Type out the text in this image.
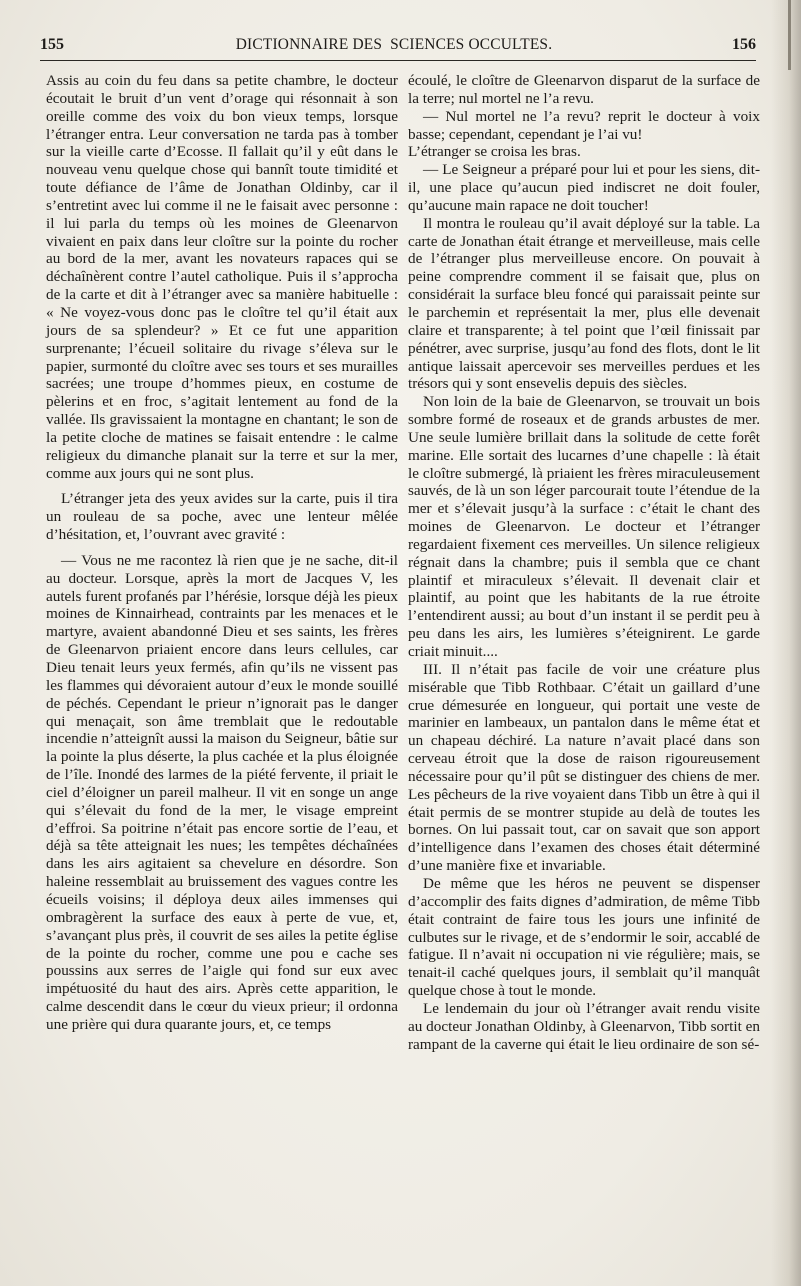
155	DICTIONNAIRE DES SCIENCES OCCULTES.	156

Assis au coin du feu dans sa petite chambre, le docteur écoutait le bruit d’un vent d’orage qui résonnait à son oreille comme des voix du bon vieux temps, lorsque l’étranger entra. Leur conversation ne tarda pas à tomber sur la vieille carte d’Ecosse. Il fallait qu’il y eût dans le nouveau venu quelque chose qui bannît toute timidité et toute défiance de l’âme de Jonathan Oldinby, car il s’entretint avec lui comme il ne le faisait avec personne : il lui parla du temps où les moines de Gleenarvon vivaient en paix dans leur cloître sur la pointe du rocher au bord de la mer, avant les novateurs rapaces qui se déchaînèrent contre l’autel catholique. Puis il s’approcha de la carte et dit à l’étranger avec sa manière habituelle : « Ne voyez-vous donc pas le cloître tel qu’il était aux jours de sa splendeur? » Et ce fut une apparition surprenante; l’écueil solitaire du rivage s’éleva sur le papier, surmonté du cloître avec ses tours et ses murailles sacrées; une troupe d’hommes pieux, en costume de pèlerins et en froc, s’agitait lentement au fond de la vallée. Ils gravissaient la montagne en chantant; le son de la petite cloche de matines se faisait entendre : le calme religieux du dimanche planait sur la terre et sur la mer, comme aux jours qui ne sont plus.

L’étranger jeta des yeux avides sur la carte, puis il tira un rouleau de sa poche, avec une lenteur mêlée d’hésitation, et, l’ouvrant avec gravité :

— Vous ne me racontez là rien que je ne sache, dit-il au docteur. Lorsque, après la mort de Jacques V, les autels furent profanés par l’hérésie, lorsque déjà les pieux moines de Kinnairhead, contraints par les menaces et le martyre, avaient abandonné Dieu et ses saints, les frères de Gleenarvon priaient encore dans leurs cellules, car Dieu tenait leurs yeux fermés, afin qu’ils ne vissent pas les flammes qui dévoraient autour d’eux le monde souillé de péchés. Cependant le prieur n’ignorait pas le danger qui menaçait, son âme tremblait que le redoutable incendie n’atteignît aussi la maison du Seigneur, bâtie sur la pointe la plus déserte, la plus cachée et la plus éloignée de l’île. Inondé des larmes de la piété fervente, il priait le ciel d’éloigner un pareil malheur. Il vit en songe un ange qui s’élevait du fond de la mer, le visage empreint d’effroi. Sa poitrine n’était pas encore sortie de l’eau, et déjà sa tête atteignait les nues; les tempêtes déchaînées dans les airs agitaient sa chevelure en désordre. Son haleine ressemblait au bruissement des vagues contre les écueils voisins; il déploya deux ailes immenses qui ombragèrent la surface des eaux à perte de vue, et, s’avançant plus près, il couvrit de ses ailes la petite église de la pointe du rocher, comme une pou e cache ses poussins aux serres de l’aigle qui fond sur eux avec impétuosité du haut des airs. Après cette apparition, le calme descendit dans le cœur du vieux prieur; il ordonna une prière qui dura quarante jours, et, ce temps

écoulé, le cloître de Gleenarvon disparut de la surface de la terre; nul mortel ne l’a revu.

— Nul mortel ne l’a revu? reprit le docteur à voix basse; cependant, cependant je l’ai vu!

L’étranger se croisa les bras.

— Le Seigneur a préparé pour lui et pour les siens, dit-il, une place qu’aucun pied indiscret ne doit fouler, qu’aucune main rapace ne doit toucher!

Il montra le rouleau qu’il avait déployé sur la table. La carte de Jonathan était étrange et merveilleuse, mais celle de l’étranger plus merveilleuse encore. On pouvait à peine comprendre comment il se faisait que, plus on considérait la surface bleu foncé qui paraissait peinte sur le parchemin et représentait la mer, plus elle devenait claire et transparente; à tel point que l’œil finissait par pénétrer, avec surprise, jusqu’au fond des flots, dont le lit antique laissait apercevoir ses merveilles perdues et les trésors qui y sont ensevelis depuis des siècles.

Non loin de la baie de Gleenarvon, se trouvait un bois sombre formé de roseaux et de grands arbustes de mer. Une seule lumière brillait dans la solitude de cette forêt marine. Elle sortait des lucarnes d’une chapelle : là était le cloître submergé, là priaient les frères miraculeusement sauvés, de là un son léger parcourait toute l’étendue de la mer et s’élevait jusqu’à la surface : c’était le chant des moines de Gleenarvon. Le docteur et l’étranger regardaient fixement ces merveilles. Un silence religieux régnait dans la chambre; puis il sembla que ce chant plaintif et miraculeux s’élevait. Il devenait clair et plaintif, au point que les habitants de la rue étroite l’entendirent aussi; au bout d’un instant il se perdit peu à peu dans les airs, les lumières s’éteignirent. Le garde criait minuit....

III. Il n’était pas facile de voir une créature plus misérable que Tibb Rothbaar. C’était un gaillard d’une crue démesurée en longueur, qui portait une veste de marinier en lambeaux, un pantalon dans le même état et un chapeau déchiré. La nature n’avait placé dans son cerveau étroit que la dose de raison rigoureusement nécessaire pour qu’il pût se distinguer des chiens de mer. Les pêcheurs de la rive voyaient dans Tibb un être à qui il était permis de se montrer stupide au delà de toutes les bornes. On lui passait tout, car on savait que son apport d’intelligence dans l’examen des choses était déterminé d’une manière fixe et invariable.

De même que les héros ne peuvent se dispenser d’accomplir des faits dignes d’admiration, de même Tibb était contraint de faire tous les jours une infinité de culbutes sur le rivage, et de s’endormir le soir, accablé de fatigue. Il n’avait ni occupation ni vie régulière; mais, se tenait-il caché quelques jours, il semblait qu’il manquât quelque chose à tout le monde.

Le lendemain du jour où l’étranger avait rendu visite au docteur Jonathan Oldinby, à Gleenarvon, Tibb sortit en rampant de la caverne qui était le lieu ordinaire de son sé-
